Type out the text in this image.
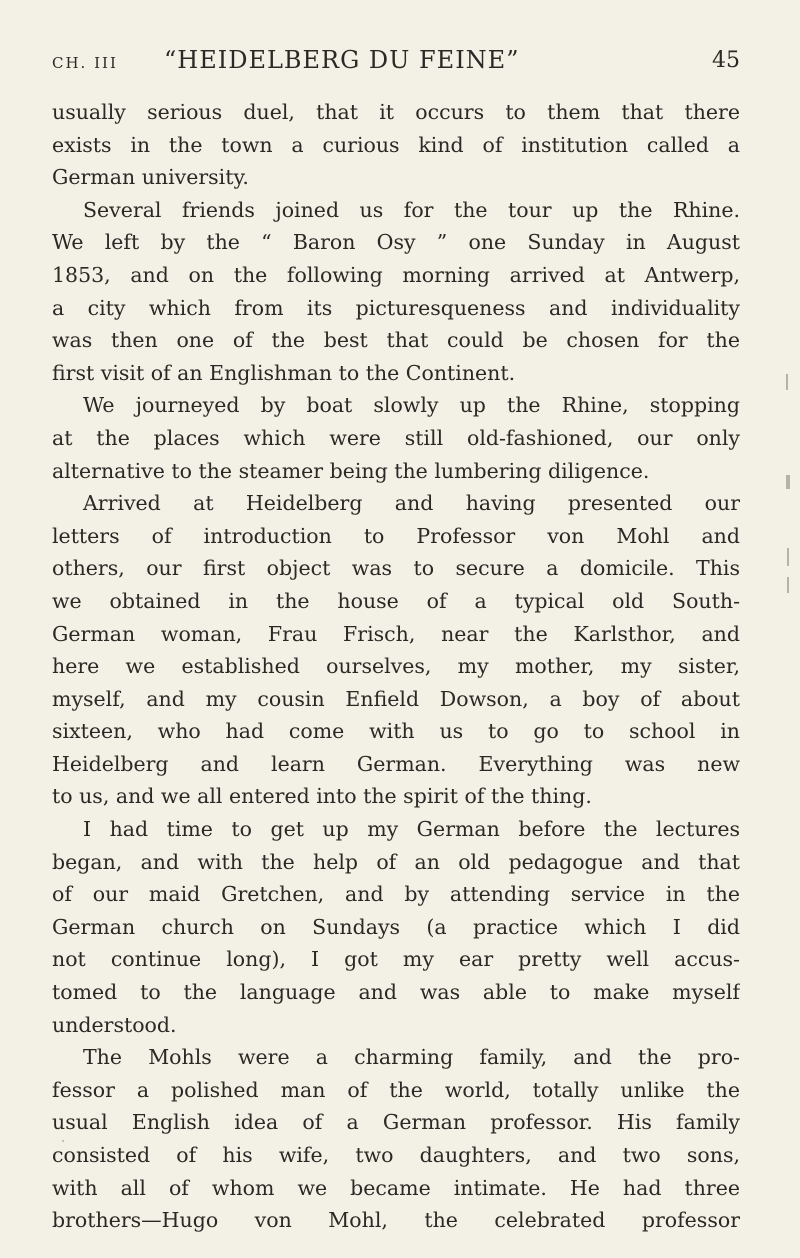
CH. III “HEIDELBERG DU FEINE”	45
usually serious duel, that it occurs to them that there
exists in the town a curious kind of institution called a
German university.
Several friends joined us for the tour up the Rhine.
We left by the “ Baron Osy ” one Sunday in August
1853, and on the following morning arrived at Antwerp,
a city which from its picturesqueness and individuality
was then one of the best that could be chosen for the
first visit of an Englishman to the Continent.
We journeyed by boat slowly up the Rhine, stopping
at the places which were still old-fashioned, our only
alternative to the steamer being the lumbering diligence.
Arrived at Heidelberg and having presented our
letters of introduction to Professor von Mohl and
others, our first object was to secure a domicile. This
we obtained in the house of a typical old South-
German woman, Frau Frisch, near the Karlsthor, and
here we established ourselves, my mother, my sister,
myself, and my cousin Enfield Dowson, a boy of about
sixteen, who had come with us to go to school in
Heidelberg and learn German. Everything was new
to us, and we all entered into the spirit of the thing.
I had time to get up my German before the lectures
began, and with the help of an old pedagogue and that
of our maid Gretchen, and by attending service in the
German church on Sundays (a practice which I did
not continue long), I got my ear pretty well accus-
tomed to the language and was able to make myself
understood.
The Mohls were a charming family, and the pro-
fessor a polished man of the world, totally unlike the
usual English idea of a German professor. His family
consisted of his wife, two daughters, and two sons,
with all of whom we became intimate. He had three
brothers—Hugo von Mohl, the celebrated professor
